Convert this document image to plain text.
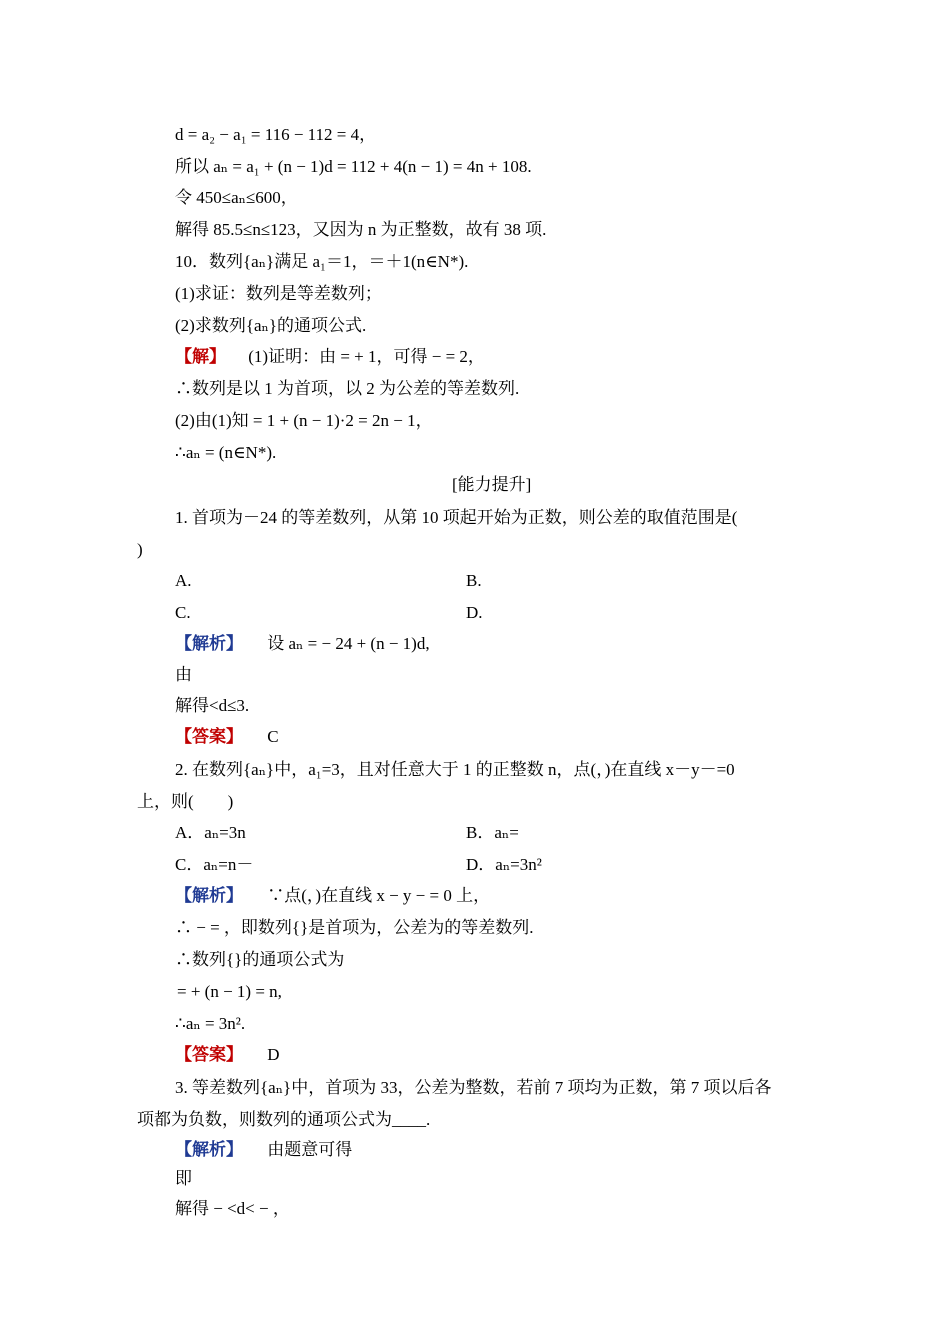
d = a₂ − a₁ = 116 − 112 = 4，
所以 aₙ = a₁ + (n − 1)d = 112 + 4(n − 1) = 4n + 108.
令 450≤aₙ≤600，
解得 85.5≤n≤123，又因为 n 为正整数，故有 38 项.
10．数列{aₙ}满足 a₁＝1，＝＋1(n∈N*).
(1)求证：数列是等差数列；
(2)求数列{aₙ}的通项公式.
【解】 (1)证明：由 = + 1，可得 − = 2，
∴数列是以 1 为首项，以 2 为公差的等差数列.
(2)由(1)知 = 1 + (n − 1)·2 = 2n − 1，
∴aₙ = (n∈N*).
[能力提升]
1. 首项为－24 的等差数列，从第 10 项起开始为正数，则公差的取值范围是(
)
A.	B.
C.	D.
【解析】 设 aₙ = − 24 + (n − 1)d,
由
解得<d≤3.
【答案】 C
2. 在数列{aₙ}中，a₁=3，且对任意大于 1 的正整数 n，点(，)在直线 x－y－=0
上，则(　　)
A．aₙ=3n	B．aₙ=
C．aₙ=n－	D．aₙ=3n²
【解析】 ∵点(，)在直线 x − y − = 0 上，
∴ − = ，即数列{}是首项为，公差为的等差数列.
∴数列{}的通项公式为
= + (n − 1) = n,
∴aₙ = 3n².
【答案】 D
3. 等差数列{aₙ}中，首项为 33，公差为整数，若前 7 项均为正数，第 7 项以后各
项都为负数，则数列的通项公式为____.
【解析】 由题意可得
即
解得 − <d< − ，
